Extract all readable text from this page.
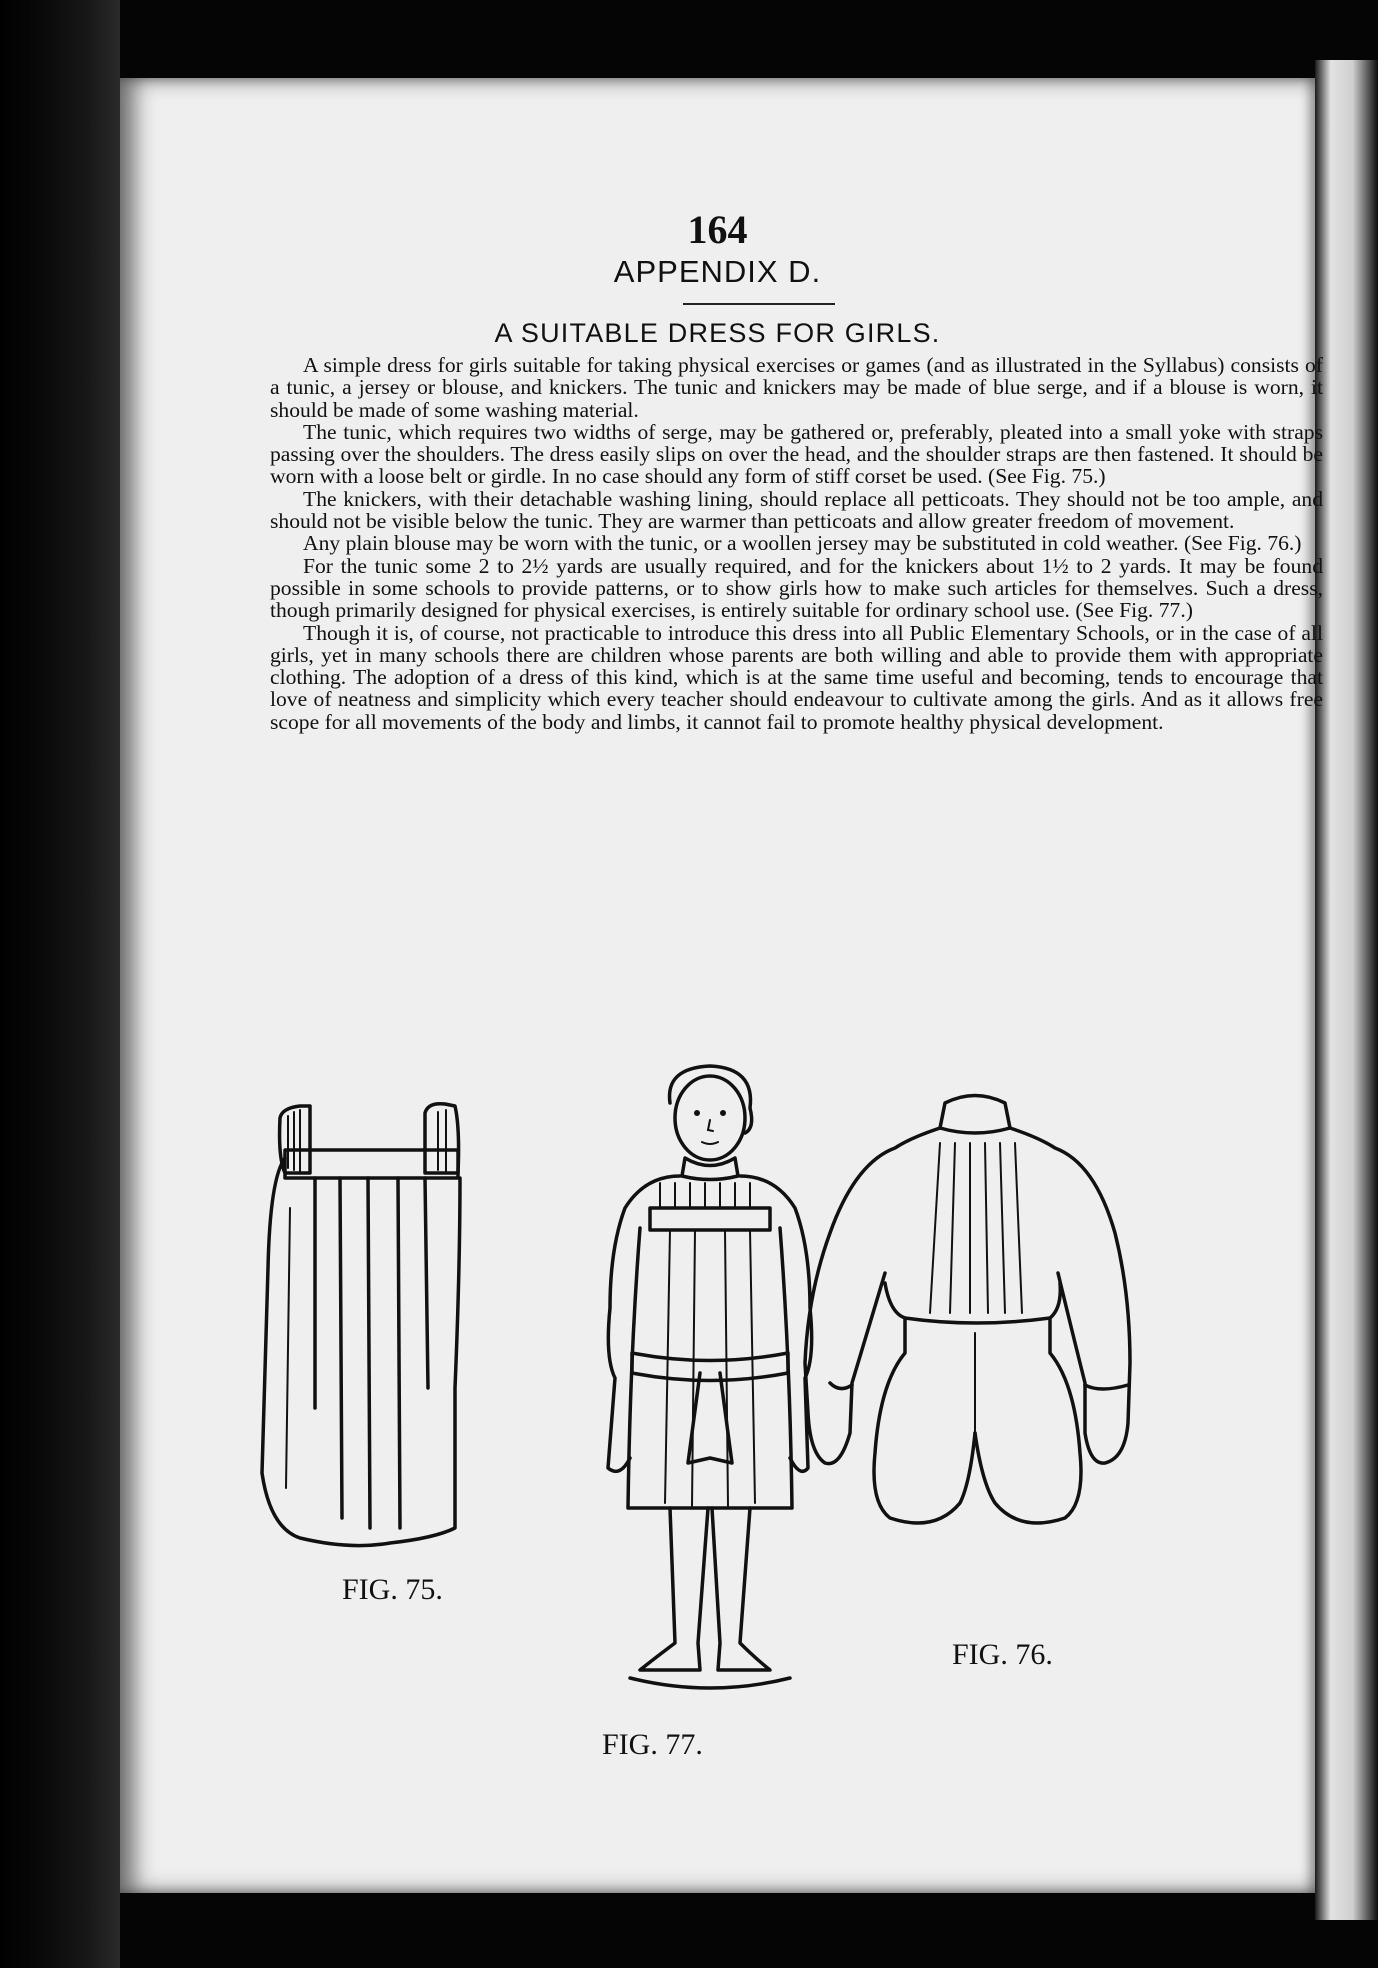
164
APPENDIX D.
A SUITABLE DRESS FOR GIRLS.

A simple dress for girls suitable for taking physical exercises or games (and as illustrated in the Syllabus) consists of a tunic, a jersey or blouse, and knickers. The tunic and knickers may be made of blue serge, and if a blouse is worn, it should be made of some washing material.

The tunic, which requires two widths of serge, may be gathered or, preferably, pleated into a small yoke with straps passing over the shoulders. The dress easily slips on over the head, and the shoulder straps are then fastened. It should be worn with a loose belt or girdle. In no case should any form of stiff corset be used. (See Fig. 75.)

The knickers, with their detachable washing lining, should replace all petticoats. They should not be too ample, and should not be visible below the tunic. They are warmer than petticoats and allow greater freedom of movement.

Any plain blouse may be worn with the tunic, or a woollen jersey may be substituted in cold weather. (See Fig. 76.)

For the tunic some 2 to 2½ yards are usually required, and for the knickers about 1½ to 2 yards. It may be found possible in some schools to provide patterns, or to show girls how to make such articles for themselves. Such a dress, though primarily designed for physical exercises, is entirely suitable for ordinary school use. (See Fig. 77.)

Though it is, of course, not practicable to introduce this dress into all Public Elementary Schools, or in the case of all girls, yet in many schools there are children whose parents are both willing and able to provide them with appropriate clothing. The adoption of a dress of this kind, which is at the same time useful and becoming, tends to encourage that love of neatness and simplicity which every teacher should endeavour to cultivate among the girls. And as it allows free scope for all movements of the body and limbs, it cannot fail to promote healthy physical development.

FIG. 75.
FIG. 77.
FIG. 76.
